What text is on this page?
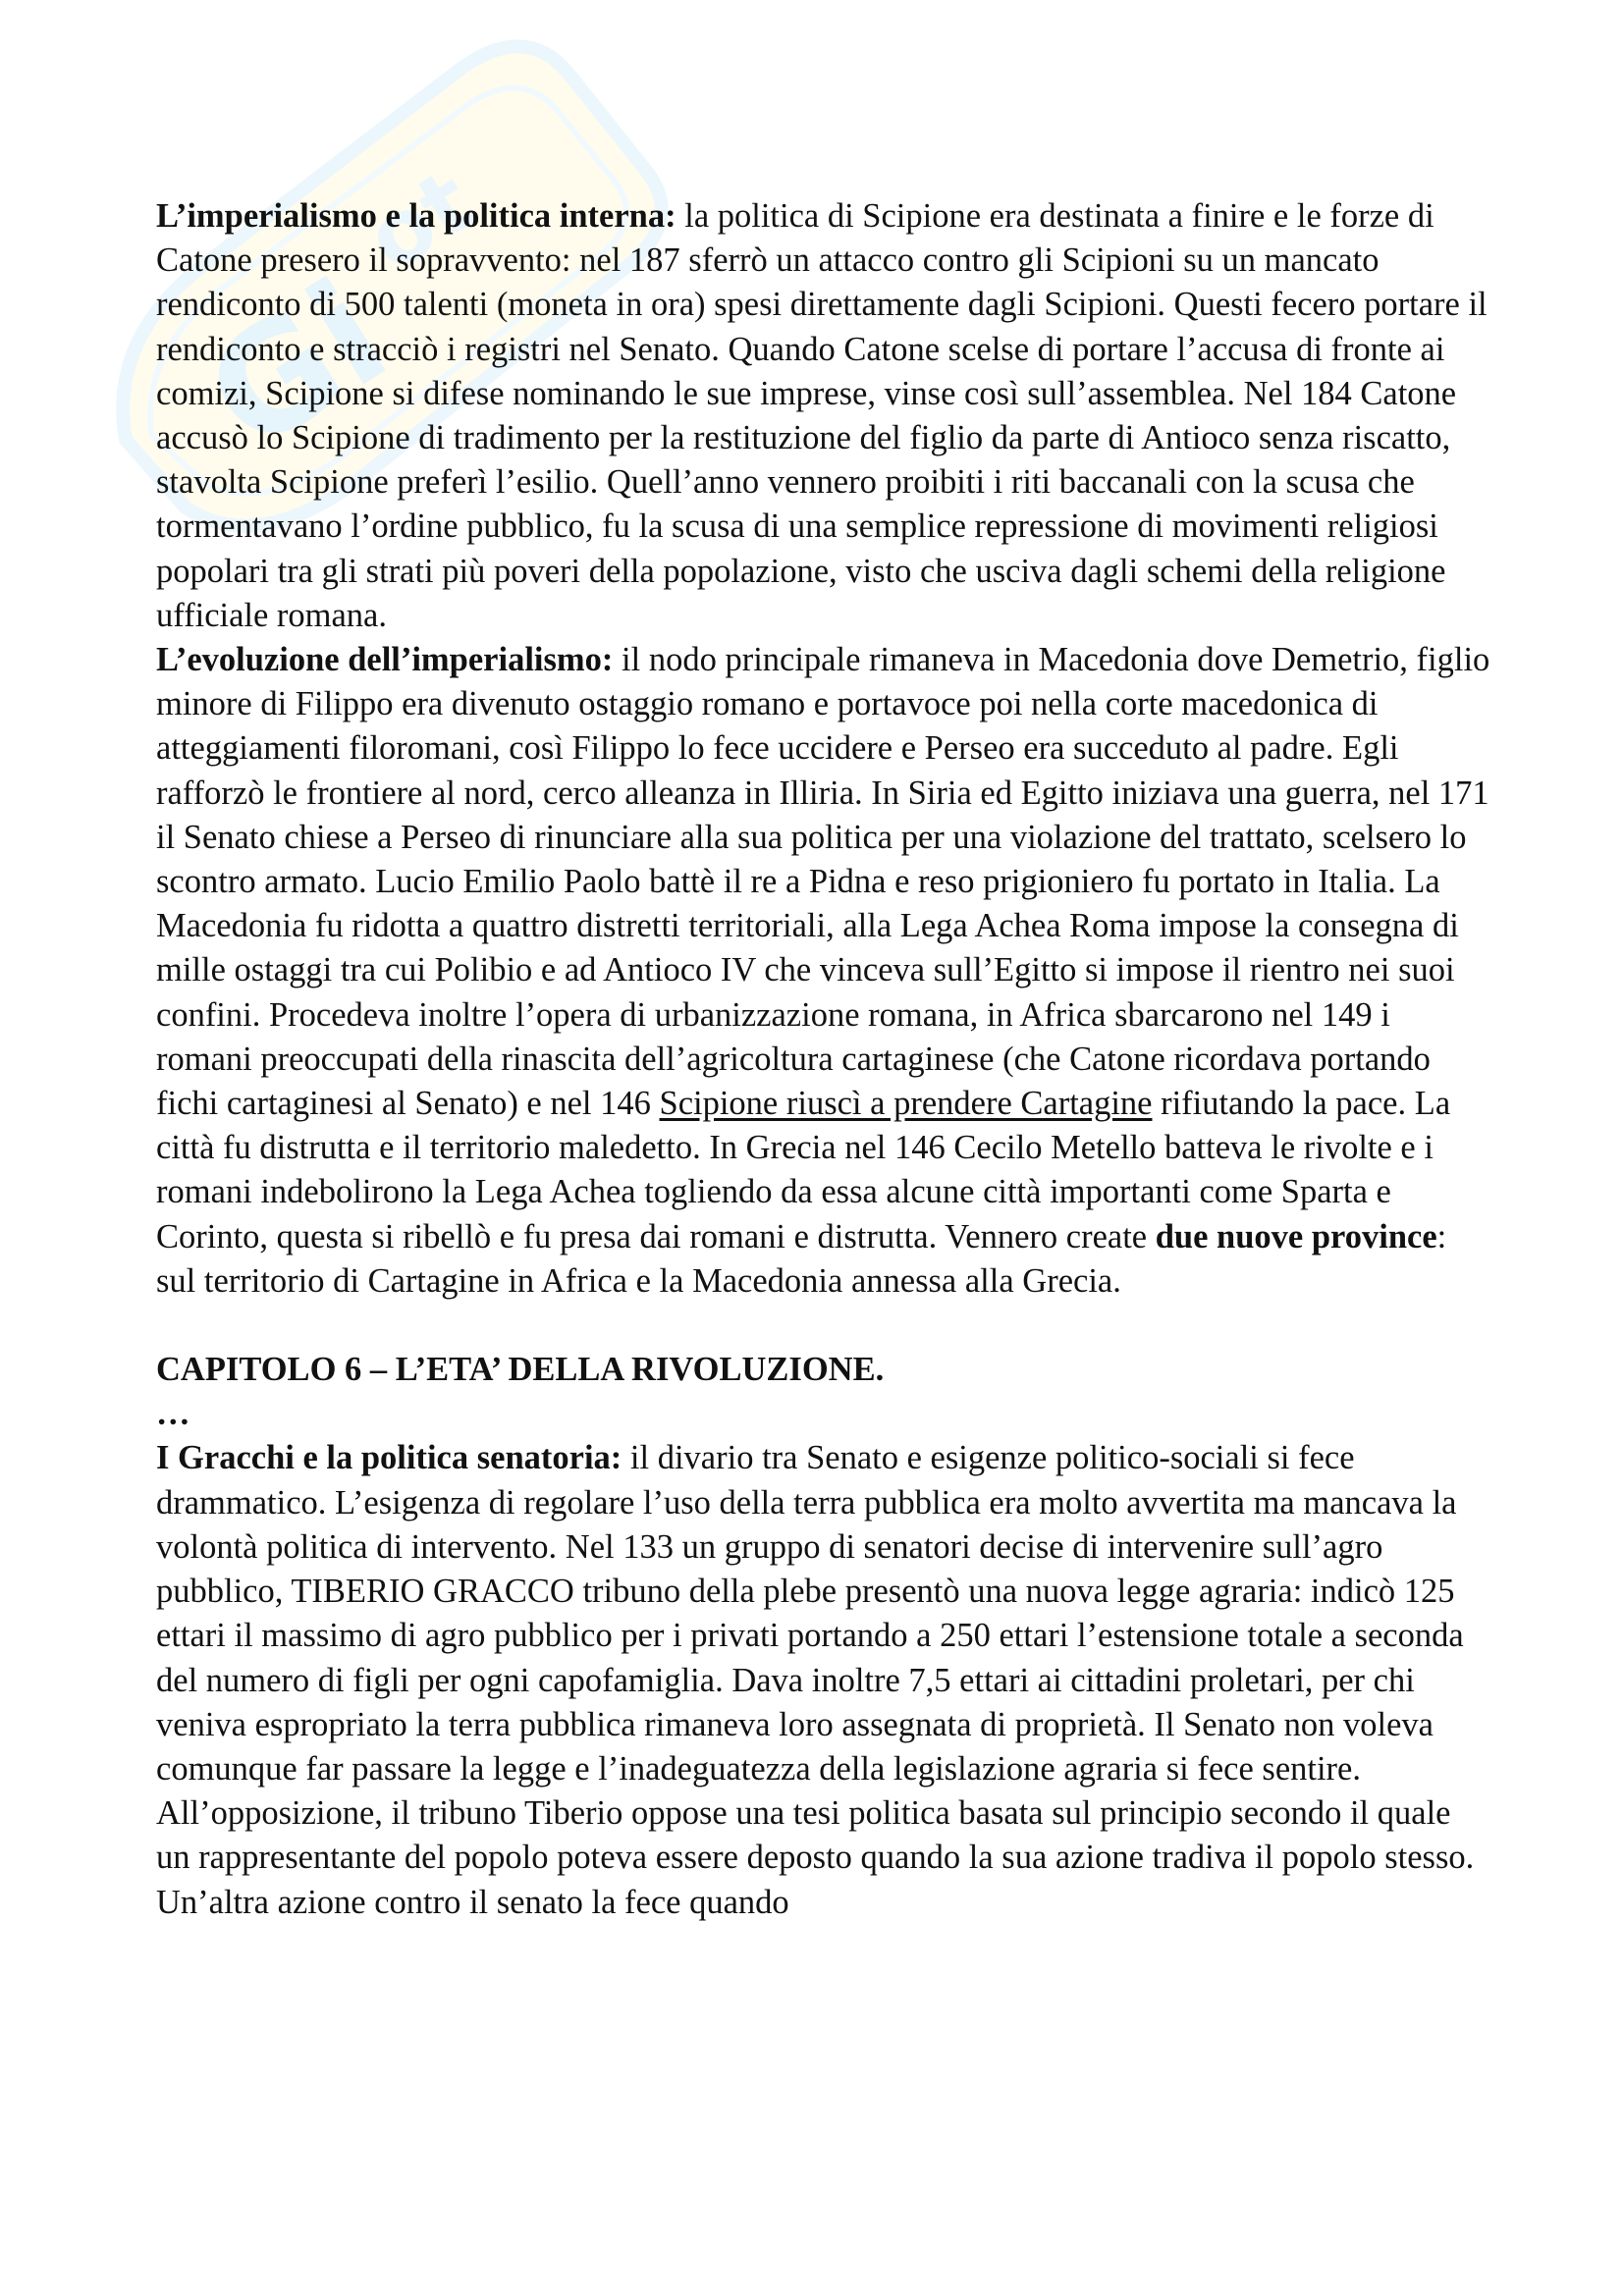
Gi
ot

L’imperialismo e la politica interna: la politica di Scipione era destinata a finire e le forze di Catone presero il sopravvento: nel 187 sferrò un attacco contro gli Scipioni su un mancato rendiconto di 500 talenti (moneta in ora) spesi direttamente dagli Scipioni. Questi fecero portare il rendiconto e stracciò i registri nel Senato. Quando Catone scelse di portare l’accusa di fronte ai comizi, Scipione si difese nominando le sue imprese, vinse così sull’assemblea. Nel 184 Catone accusò lo Scipione di tradimento per la restituzione del figlio da parte di Antioco senza riscatto, stavolta Scipione preferì l’esilio. Quell’anno vennero proibiti i riti baccanali con la scusa che tormentavano l’ordine pubblico, fu la scusa di una semplice repressione di movimenti religiosi popolari tra gli strati più poveri della popolazione, visto che usciva dagli schemi della religione ufficiale romana.

L’evoluzione dell’imperialismo: il nodo principale rimaneva in Macedonia dove Demetrio, figlio minore di Filippo era divenuto ostaggio romano e portavoce poi nella corte macedonica di atteggiamenti filoromani, così Filippo lo fece uccidere e Perseo era succeduto al padre. Egli rafforzò le frontiere al nord, cerco alleanza in Illiria. In Siria ed Egitto iniziava una guerra, nel 171 il Senato chiese a Perseo di rinunciare alla sua politica per una violazione del trattato, scelsero lo scontro armato. Lucio Emilio Paolo battè il re a Pidna e reso prigioniero fu portato in Italia. La Macedonia fu ridotta a quattro distretti territoriali, alla Lega Achea Roma impose la consegna di mille ostaggi tra cui Polibio e ad Antioco IV che vinceva sull’Egitto si impose il rientro nei suoi confini. Procedeva inoltre l’opera di urbanizzazione romana, in Africa sbarcarono nel 149 i romani preoccupati della rinascita dell’agricoltura cartaginese (che Catone ricordava portando fichi cartaginesi al Senato) e nel 146 Scipione riuscì a prendere Cartagine rifiutando la pace. La città fu distrutta e il territorio maledetto. In Grecia nel 146 Cecilo Metello batteva le rivolte e i romani indebolirono la Lega Achea togliendo da essa alcune città importanti come Sparta e Corinto, questa si ribellò e fu presa dai romani e distrutta. Vennero create due nuove province: sul territorio di Cartagine in Africa e la Macedonia annessa alla Grecia.

CAPITOLO 6 – L’ETA’ DELLA RIVOLUZIONE.

…

I Gracchi e la politica senatoria: il divario tra Senato e esigenze politico-sociali si fece drammatico. L’esigenza di regolare l’uso della terra pubblica era molto avvertita ma mancava la volontà politica di intervento. Nel 133 un gruppo di senatori decise di intervenire sull’agro pubblico, TIBERIO GRACCO tribuno della plebe presentò una nuova legge agraria: indicò 125 ettari il massimo di agro pubblico per i privati portando a 250 ettari l’estensione totale a seconda del numero di figli per ogni capofamiglia. Dava inoltre 7,5 ettari ai cittadini proletari, per chi veniva espropriato la terra pubblica rimaneva loro assegnata di proprietà. Il Senato non voleva comunque far passare la legge e l’inadeguatezza della legislazione agraria si fece sentire. All’opposizione, il tribuno Tiberio oppose una tesi politica basata sul principio secondo il quale un rappresentante del popolo poteva essere deposto quando la sua azione tradiva il popolo stesso. Un’altra azione contro il senato la fece quando
